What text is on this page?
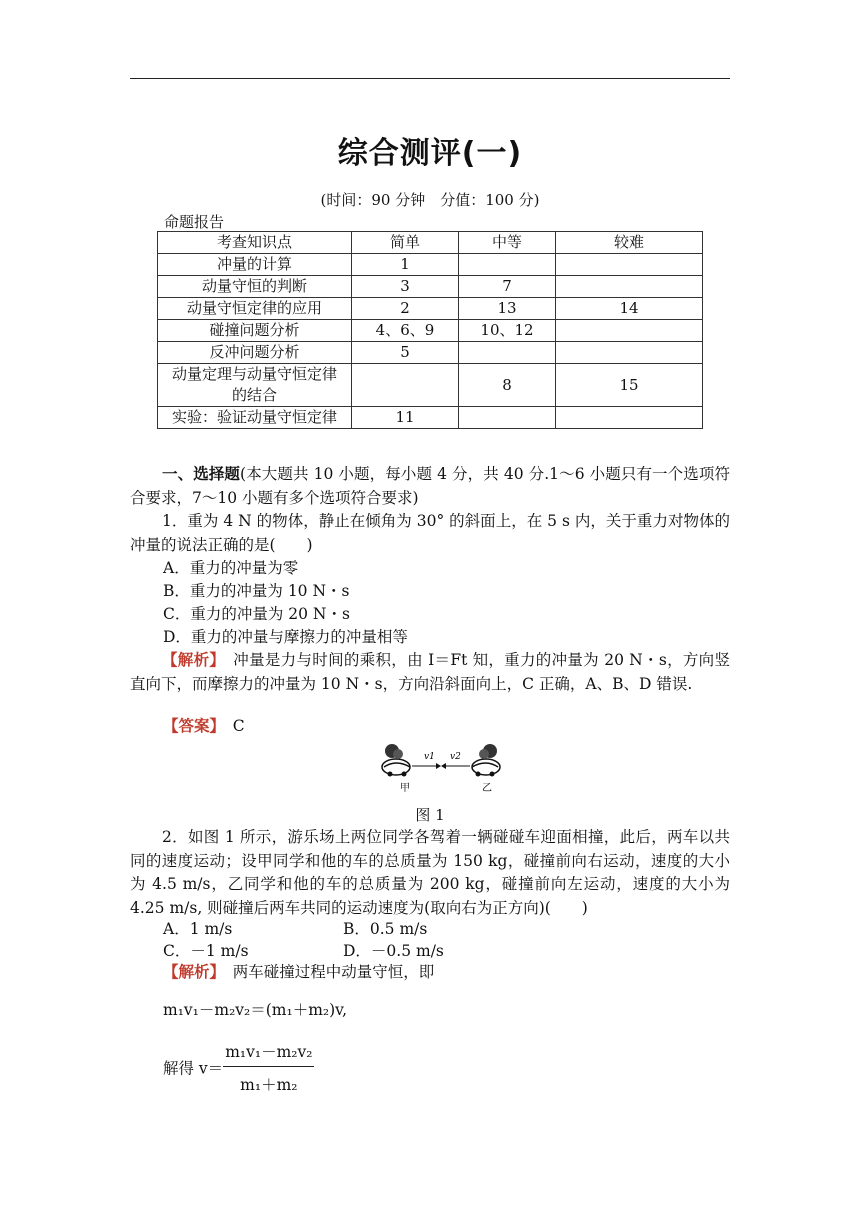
综合测评(一)
(时间：90 分钟　分值：100 分)
命题报告
考查知识点	简单	中等	较难
冲量的计算	1		
动量守恒的判断	3	7	
动量守恒定律的应用	2	13	14
碰撞问题分析	4、6、9	10、12	
反冲问题分析	5		
动量定理与动量守恒定律的结合		8	15
实验：验证动量守恒定律	11		

一、选择题(本大题共 10 小题，每小题 4 分，共 40 分.1～6 小题只有一个选项符合要求，7～10 小题有多个选项符合要求)

1．重为 4 N 的物体，静止在倾角为 30° 的斜面上，在 5 s 内，关于重力对物体的冲量的说法正确的是(　　)

A．重力的冲量为零
B．重力的冲量为 10 N・s
C．重力的冲量为 20 N・s
D．重力的冲量与摩擦力的冲量相等

【解析】　 冲量是力与时间的乘积，由 I＝Ft 知，重力的冲量为 20 N・s，方向竖直向下，而摩擦力的冲量为 10 N・s，方向沿斜面向上，C 正确，A、B、D 错误.

【答案】　 C
v1 v2
甲	乙
图 1

2．如图 1 所示，游乐场上两位同学各驾着一辆碰碰车迎面相撞，此后，两车以共同的速度运动；设甲同学和他的车的总质量为 150 kg，碰撞前向右运动，速度的大小为 4.5 m/s，乙同学和他的车的总质量为 200 kg，碰撞前向左运动，速度的大小为 4.25 m/s, 则碰撞后两车共同的运动速度为(取向右为正方向)(　　)

A．1 m/s	B．0.5 m/s
C．－1 m/s	D．－0.5 m/s
【解析】　 两车碰撞过程中动量守恒，即
m₁v₁－m₂v₂＝(m₁＋m₂)v,
解得 $v= \frac{\text{m₁v₁－m₂v₂}}{\text{m₁＋m₂}}$
